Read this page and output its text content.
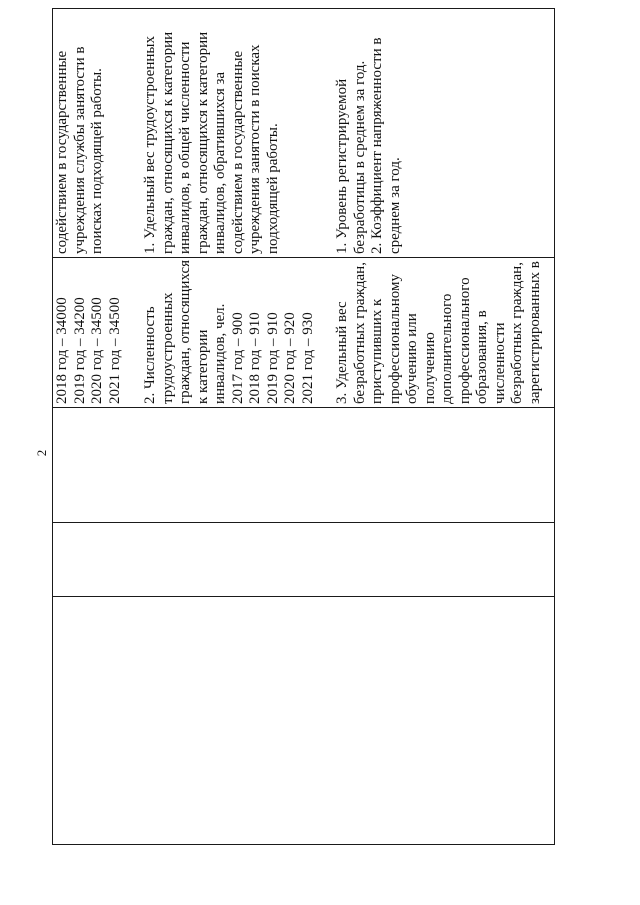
2
2018 год – 34000 2019 год – 34200 2020 год – 34500 2021 год – 34500 2. Численность трудоустроенных граждан, относящихся к категории инвалидов, чел. 2017 год – 900 2018 год – 910 2019 год – 910 2020 год – 920 2021 год – 930 3. Удельный вес безработных граждан, приступивших к профессиональному обучению или получению дополнительного профессионального образования, в численности безработных граждан, зарегистрированных в
содействием в государственные учреждения службы занятости в поисках подходящей работы. 1. Удельный вес трудоустроенных граждан, относящихся к категории инвалидов, в общей численности граждан, относящихся к категории инвалидов, обратившихся за содействием в государственные учреждения занятости в поисках подходящей работы.	1. Уровень регистрируемой безработицы в среднем за год. 2. Коэффициент напряженности в среднем за год.
